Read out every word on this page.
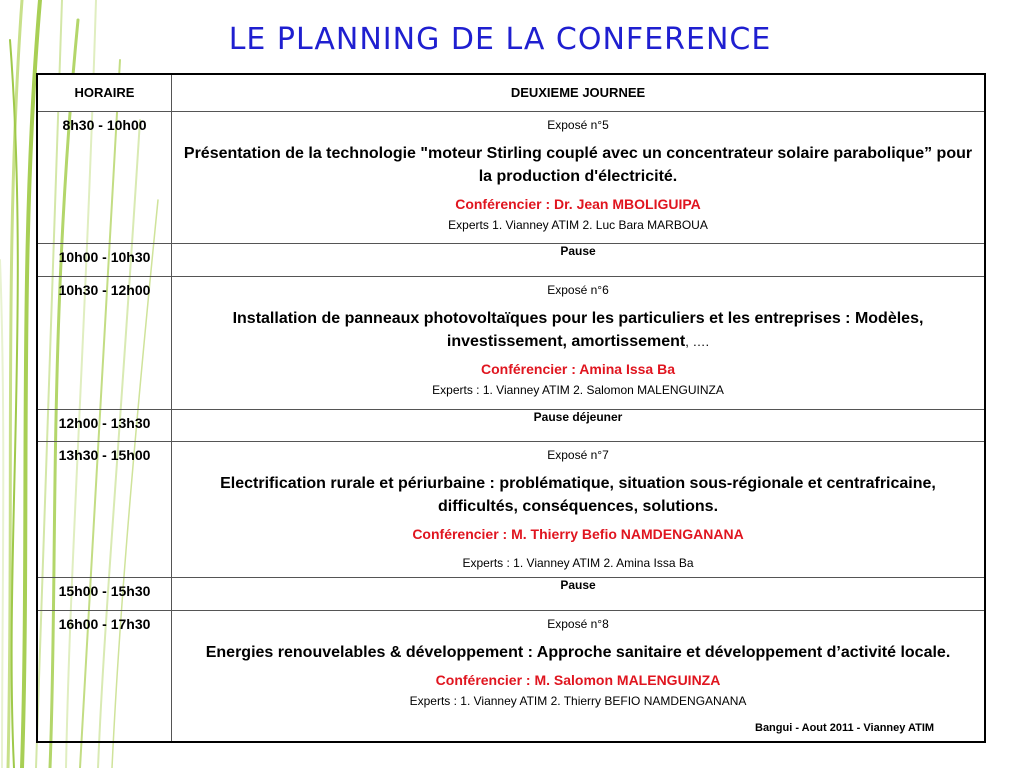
LE PLANNING DE LA CONFERENCE
HORAIRE	DEUXIEME JOURNEE
8h30 - 10h00	Exposé n°5
Présentation de la technologie "moteur Stirling couplé avec un concentrateur solaire parabolique” pour la production d'électricité.
Conférencier : Dr. Jean MBOLIGUIPA
Experts 1. Vianney ATIM 2. Luc Bara MARBOUA

10h00 - 10h30	Pause
10h30 - 12h00	Exposé n°6
Installation de panneaux photovoltaïques pour les particuliers et les entreprises : Modèles, investissement, amortissement, ….
Conférencier : Amina Issa Ba
Experts : 1. Vianney ATIM 2. Salomon MALENGUINZA

12h00 - 13h30	Pause déjeuner
13h30 - 15h00	Exposé n°7
Electrification rurale et périurbaine : problématique, situation sous-régionale et centrafricaine, difficultés, conséquences, solutions.
Conférencier : M. Thierry Befio NAMDENGANANA
Experts : 1. Vianney ATIM 2. Amina Issa Ba

15h00 - 15h30	Pause
16h00 - 17h30	Exposé n°8
Energies renouvelables & développement : Approche sanitaire et développement d’activité locale.
Conférencier : M. Salomon MALENGUINZA
Experts : 1. Vianney ATIM 2. Thierry BEFIO NAMDENGANANA
Bangui - Aout 2011 - Vianney ATIM
